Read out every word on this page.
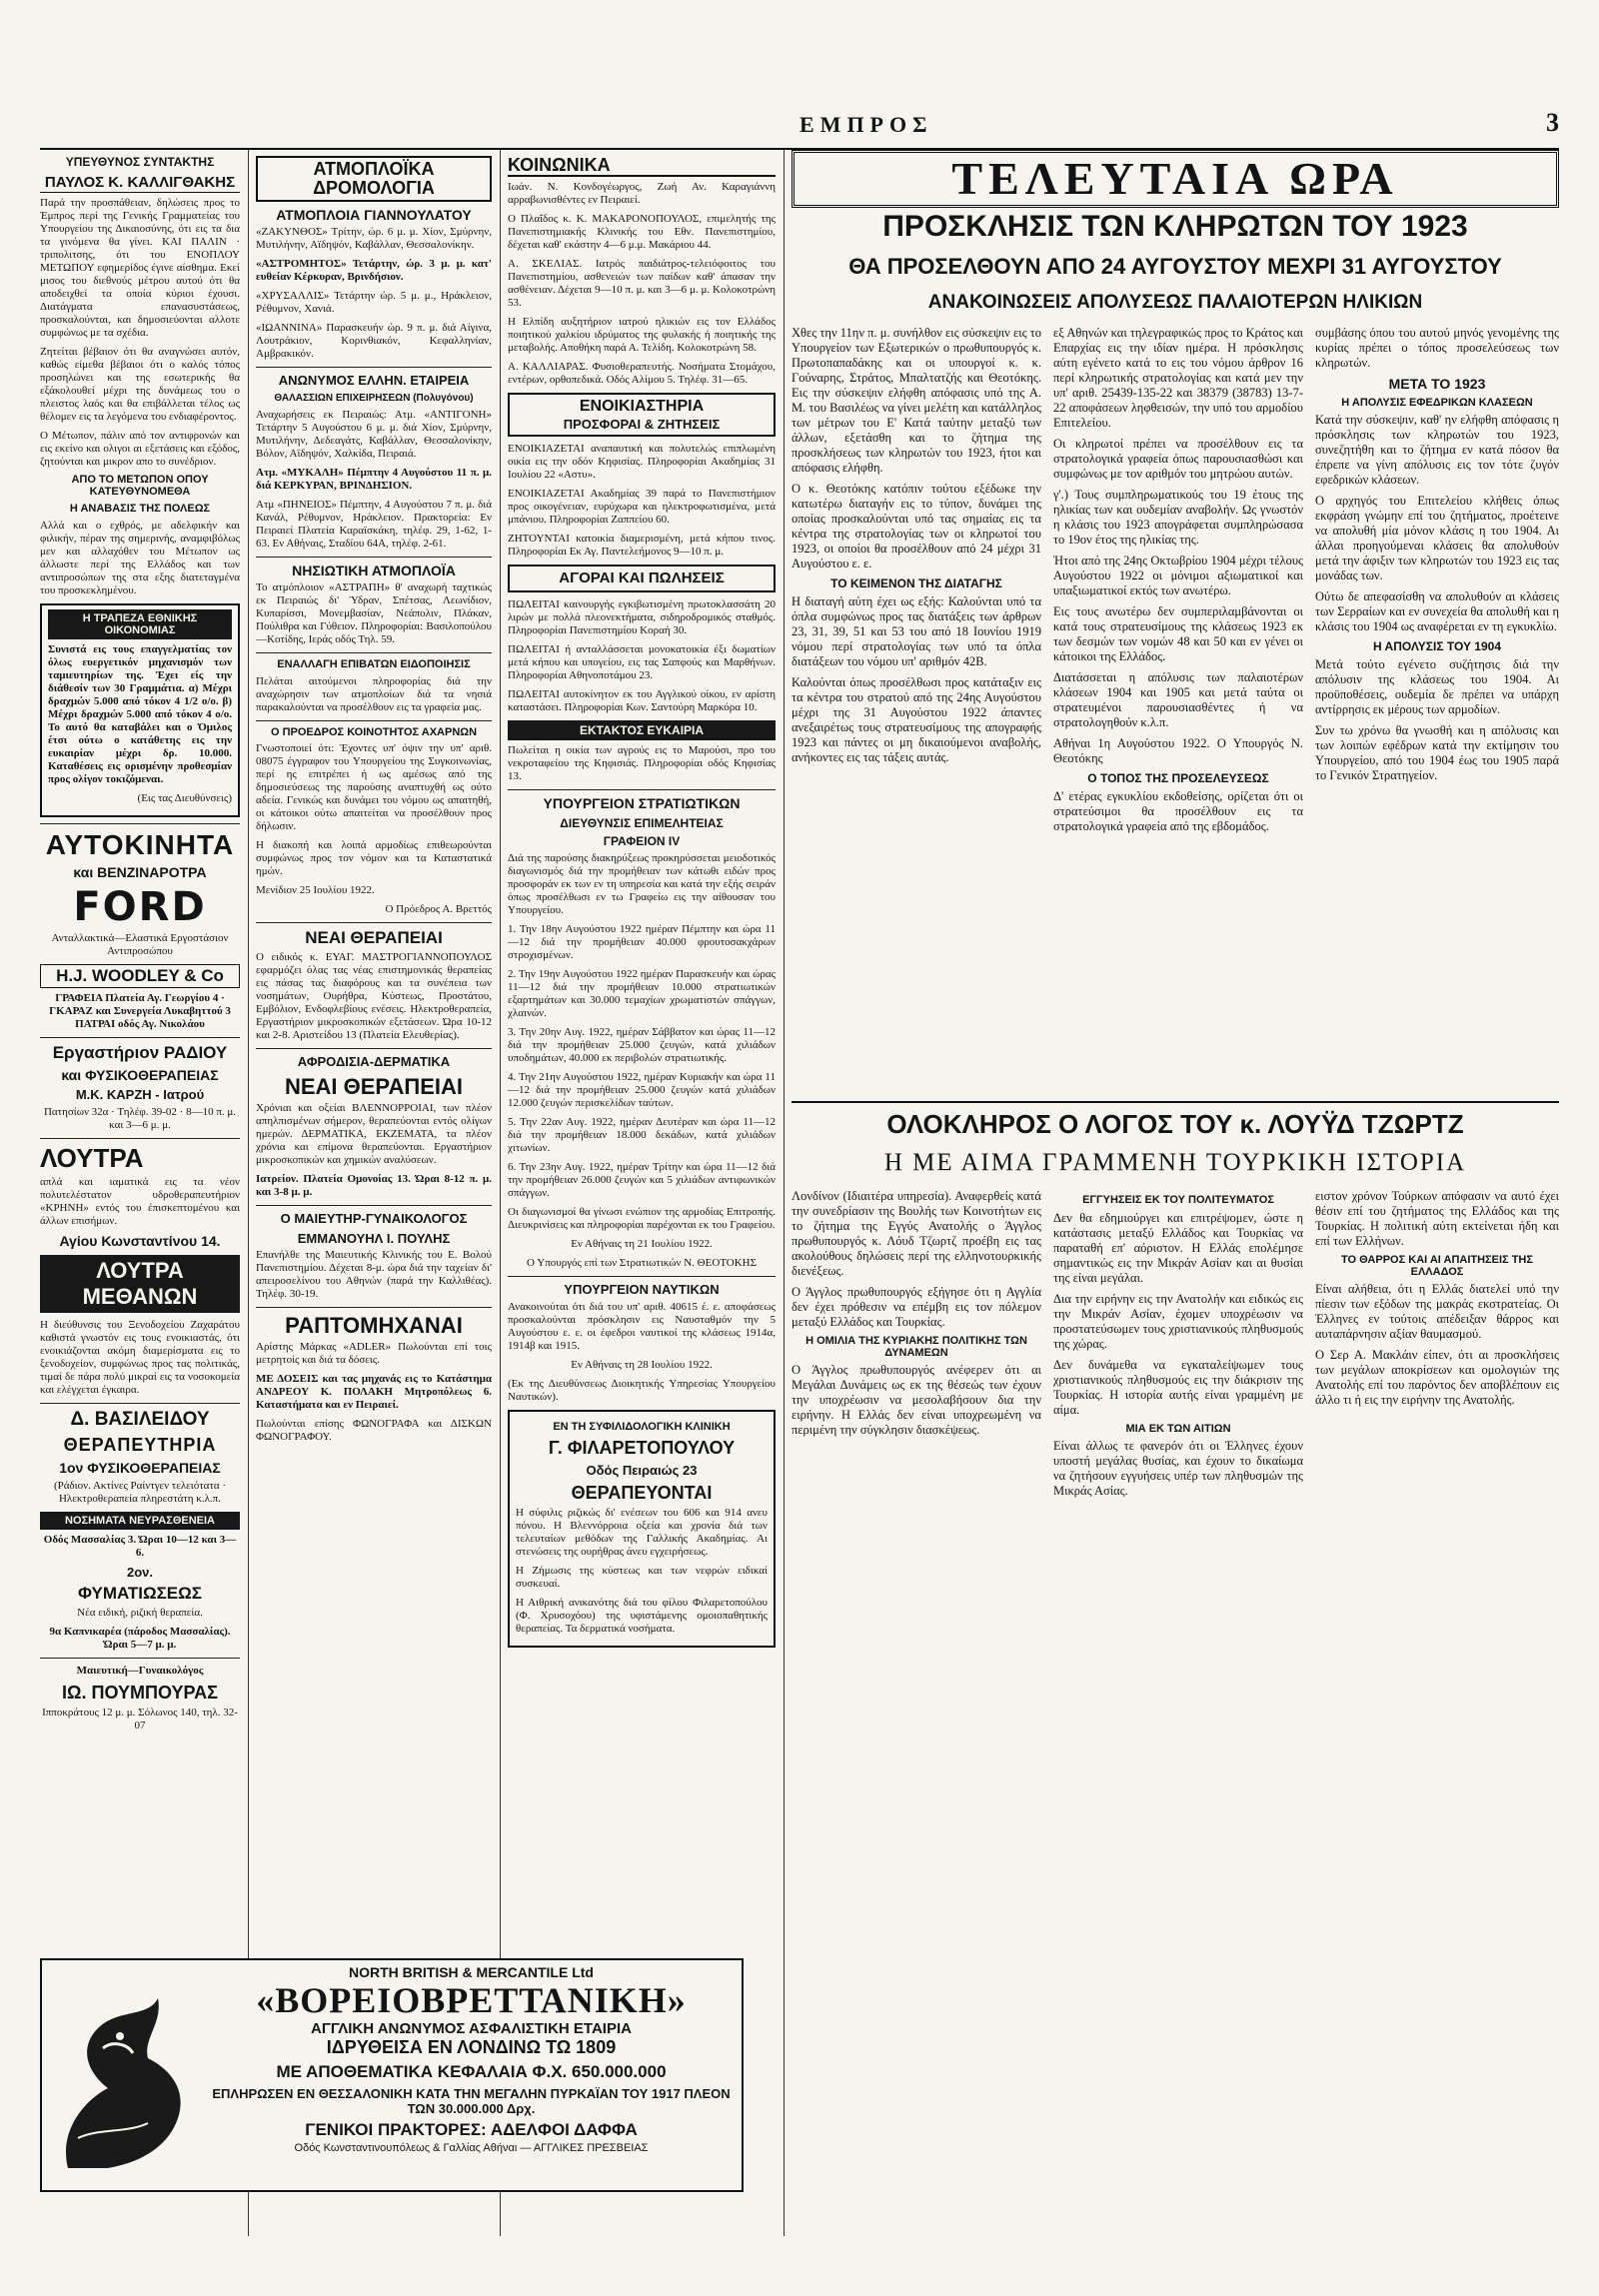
ΕΜΠΡΟΣ	3
ΥΠΕΥΘΥΝΟΣ ΣΥΝΤΑΚΤΗΣ
ΠΑΥΛΟΣ Κ. ΚΑΛΛΙΓΘΑΚΗΣ

Παρά την προσπάθειαν, δηλώσεις προς το Έμπρος περί της Γενικής Γραμματείας του Υπουργείου της Δικαιοσύνης, ότι εις τα δια τα γινόμενα θα γίνει. ΚΑΙ ΠΑΛΙΝ · τριπολιτσης, ότι του ΕΝΟΠΛΟΥ ΜΕΤΩΠΟΥ εφημερίδος έγινε αίσθημα. Εκεί μισος του διεθνούς μέτρου αυτού ότι θα αποδειχθεί τα οποία κύριοι έχουσι. Διατάγματα επανασυστάσεως, προσκαλούνται, και δημοσιεύονται αλλοτε συμφώνως με τα σχέδια.

Ζητείται βέβαιον ότι θα αναγνώσει αυτόν, καθώς είμεθα βέβαιοι ότι ο καλός τόπος προσηλώνει και της εσωτερικής θα εξάκολουθεί μέχρι της δυνάμεως του ο πλειστος λαός και θα επιβάλλεται τέλος ως θέλομεν εις τα λεγόμενα του ενδιαφέροντος.

Ο Μέτωπον, πάλιν από τον αντιφρονών και εις εκείνο και ολιγοι αι εξετάσεις και εξόδος, ζητούνται και μικρον απο το συνέδριον.

ΑΠΟ ΤΟ ΜΕΤΩΠΟΝ ΟΠΟΥ ΚΑΤΕΥΘΥΝΟΜΕΘΑ
Η ΑΝΑΒΑΣΙΣ ΤΗΣ ΠΟΛΕΩΣ

Αλλά και ο εχθρός, με αδελφικήν και φιλικήν, πέραν της σημερινής, αναμφιβόλως μεν και αλλαχόθεν του Μέτωπον ως άλλωστε περί της Ελλάδος και των αντιπροσώπων της στα εξης διατεταγμένα του προσκεκλημένου.

Η ΤΡΑΠΕΖΑ ΕΘΝΙΚΗΣ ΟΙΚΟΝΟΜΙΑΣ

Συνιστά εις τους επαγγελματίας τον όλως ευεργετικόν μηχανισμόν των ταμιευτηρίων της. Έχει είς την διάθεσίν των 30 Γραμμάτια. α) Μέχρι δραχμών 5.000 από τόκον 4 1/2 ο/ο. β) Μέχρι δραχμών 5.000 από τόκον 4 ο/ο. Το αυτό θα καταβάλει και ο Όμιλος έτσι ούτω ο κατάθετης εις την ευκαιρίαν μέχρι δρ. 10.000. Καταθέσεις εις ορισμένην προθεσμίαν προς ολίγον τοκιζόμεναι.

(Εις τας Διευθύνσεις)
ΑΥΤΟΚΙΝΗΤΑ
και ΒΕΝΖΙΝΑΡΟΤΡΑ
FORD
Ανταλλακτικά—Ελαστικά Εργοστάσιον Αντιπροσώπου
H.J. WOODLEY & Co
ΓΡΑΦΕΙΑ Πλατεία Αγ. Γεωργίου 4 · ΓΚΑΡΑΖ και Συνεργεία Λυκαβηττού 3 ΠΑΤΡΑΙ οδός Αγ. Νικολάου
Εργαστήριον ΡΑΔΙΟΥ
και ΦΥΣΙΚΟΘΕΡΑΠΕΙΑΣ
Μ.Κ. ΚΑΡΖΗ - Ιατρού
Πατησίων 32α · Τηλέφ. 39-02 · 8—10 π. μ. και 3—6 μ. μ.
ΛΟΥΤΡΑ

απλά και ιαματικά εις τα νέον πολυτελέστατον υδροθεραπευτήριον «ΚΡΗΝΗ» εντός του έπισκεπτομένου και άλλων επισήμων.

Αγίου Κωνσταντίνου 14.
ΛΟΥΤΡΑ ΜΕΘΑΝΩΝ

Η διεύθυνσις του Ξενοδοχείου Ζαχαράτου καθιστά γνωστόν εις τους ενοικιαστάς, ότι ενοικιάζονται ακόμη διαμερίσματα εις το ξενοδοχείον, συμφώνως προς τας πολιτικάς, τιμαί δε πάρα πολύ μικραί εις τα νοσοκομεία και ελέγχεται έγκαιρα.

Δ. ΒΑΣΙΛΕΙΔΟΥ
ΘΕΡΑΠΕΥΤΗΡΙΑ
1ον ΦΥΣΙΚΟΘΕΡΑΠΕΙΑΣ
(Ράδιον. Ακτίνες Ραίντγεν τελειότατα · Ηλεκτροθεραπεία πληρεστάτη κ.λ.π.
ΝΟΣΗΜΑΤΑ ΝΕΥΡΑΣΘΕΝΕΙΑ
Οδός Μασσαλίας 3. Ώραι 10—12 και 3—6.
2ον.
ΦΥΜΑΤΙΩΣΕΩΣ
Νέα ειδική, ριζική θεραπεία.
9α Καπνικαρέα (πάροδος Μασσαλίας). Ώραι 5—7 μ. μ.
Μαιευτική—Γυναικολόγος
ΙΩ. ΠΟΥΜΠΟΥΡΑΣ
Ιπποκράτους 12 μ. μ. Σόλωνος 140, τηλ. 32-07
ΑΤΜΟΠΛΟΪΚΑ ΔΡΟΜΟΛΟΓΙΑ
ΑΤΜΟΠΛΟΙΑ ΓΙΑΝΝΟΥΛΑΤΟΥ

«ΖΑΚΥΝΘΟΣ» Τρίτην, ώρ. 6 μ. μ. Χίον, Σμύρνην, Μυτιλήνην, Αϊδηψόν, Καβάλλαν, Θεσσαλονίκην.

«ΑΣΤΡΟΜΗΤΟΣ» Τετάρτην, ώρ. 3 μ. μ. κατ' ευθείαν Κέρκυραν, Βρινδήσιον.

«ΧΡΥΣΑΛΛΙΣ» Τετάρτην ώρ. 5 μ. μ., Ηράκλειον, Ρέθυμνον, Χανιά.

«ΙΩΑΝΝΙΝΑ» Παρασκευήν ώρ. 9 π. μ. διά Αίγινα, Λουτράκιον, Κορινθιακόν, Κεφαλληνίαν, Αμβρακικόν.

ΑΝΩΝΥΜΟΣ ΕΛΛΗΝ. ΕΤΑΙΡΕΙΑ
ΘΑΛΑΣΣΙΩΝ ΕΠΙΧΕΙΡΗΣΕΩΝ (Πολυγόνου)

Αναχωρήσεις εκ Πειραιώς: Ατμ. «ΑΝΤΙΓΟΝΗ» Τετάρτην 5 Αυγούστου 6 μ. μ. διά Χίον, Σμύρνην, Μυτιλήνην, Δεδεαγάτς, Καβάλλαν, Θεσσαλονίκην, Βόλον, Αϊδηψόν, Χαλκίδα, Πειραιά.

Ατμ. «ΜΥΚΑΛΗ» Πέμπτην 4 Αυγούστου 11 π. μ. διά ΚΕΡΚΥΡΑΝ, ΒΡΙΝΔΗΣΙΟΝ.

Ατμ «ΠΗΝΕΙΟΣ» Πέμπτην, 4 Αυγούστου 7 π. μ. διά Κανάλ, Ρέθυμνον, Ηράκλειον. Πρακτορεία: Εν Πειραιεί Πλατεία Καραϊσκάκη, τηλέφ. 29, 1-62, 1-63. Εν Αθήναις, Σταδίου 64Α, τηλέφ. 2-61.

ΝΗΣΙΩΤΙΚΗ ΑΤΜΟΠΛΟΪΑ

Το ατμόπλοιον «ΑΣΤΡΑΠΗ» θ' αναχωρή ταχτικώς εκ Πειραιώς δι' Ύδραν, Σπέτσας, Λεωνίδιον, Κυπαρίσσι, Μονεμβασίαν, Νεάπολιν, Πλάκαν, Πούλιθρα και Γύθειον. Πληροφορίαι: Βασιλοπούλου—Κοτίδης, Ιεράς οδός Τηλ. 59.

ΕΝΑΛΛΑΓΗ ΕΠΙΒΑΤΩΝ ΕΙΔΟΠΟΙΗΣΙΣ

Πελάται αιτούμενοι πληροφορίας διά την αναχώρησιν των ατμοπλοίων διά τα νησιά παρακαλούνται να προσέλθουν εις τα γραφεία μας.

Ο ΠΡΟΕΔΡΟΣ ΚΟΙΝΟΤΗΤΟΣ ΑΧΑΡΝΩΝ

Γνωστοποιεί ότι: Έχοντες υπ' όψιν την υπ' αριθ. 08075 έγγραφον του Υπουργείου της Συγκοινωνίας, περί ης επιτρέπει ή ως αμέσως από της δημοσιεύσεως της παρούσης αναπτυχθή ως ούτο αδεία. Γενικώς και δυνάμει του νόμου ως απαιτηθή, οι κάτοικοι ούτω απαιτείται να προσέλθουν προς δήλωσιν.

Η διακοπή και λοιπά αρμοδίως επιθεωρούνται συμφώνως προς τον νόμον και τα Καταστατικά ημών.

Μενίδιον 25 Ιουλίου 1922.
Ο Πρόεδρος Α. Βρεττός
ΝΕΑΙ ΘΕΡΑΠΕΙΑΙ

Ο ειδικός κ. ΕΥΑΓ. ΜΑΣΤΡΟΓΙΑΝΝΟΠΟΥΛΟΣ εφαρμόζει όλας τας νέας επιστημονικάς θεραπείας εις πάσας τας διαφόρους και τα συνέπεια των νοσημάτων, Ουρήθρα, Κύστεως, Προστάτου, Εμβόλιον, Ενδοφλεβίους ενέσεις. Ηλεκτροθεραπεία, Εργαστήριον μικροσκοπικών εξετάσεων. Ώρα 10-12 και 2-8. Αριστείδου 13 (Πλατεία Ελευθερίας).

ΑΦΡΟΔΙΣΙΑ-ΔΕΡΜΑΤΙΚΑ
ΝΕΑΙ ΘΕΡΑΠΕΙΑΙ

Χρόνιαι και οξείαι ΒΛΕΝΝΟΡΡΟΙΑΙ, των πλέον απηλπισμένων σήμερον, θεραπεύονται εντός ολίγων ημερών. ΔΕΡΜΑΤΙΚΑ, ΕΚΖΕΜΑΤΑ, τα πλέον χρόνια και επίμονα θεραπεύονται. Εργαστήριον μικροσκοπικών και χημικών αναλύσεων.

Ιατρείον. Πλατεία Ομονοίας 13. Ώραι 8-12 π. μ. και 3-8 μ. μ.

Ο ΜΑΙΕΥΤΗΡ-ΓΥΝΑΙΚΟΛΟΓΟΣ
ΕΜΜΑΝΟΥΗΛ Ι. ΠΟΥΛΗΣ

Επανήλθε της Μαιευτικής Κλινικής του Ε. Βολού Πανεπιστημίου. Δέχεται 8-μ. ώρα διά την ταχείαν δι' απειροσελίνου του Αθηνών (παρά την Καλλιθέας). Τηλέφ. 30-19.

ΡΑΠΤΟΜΗΧΑΝΑΙ

Αρίστης Μάρκας «ADLER» Πωλούνται επί τοις μετρητοίς και διά τα δόσεις.

ΜΕ ΔΟΣΕΙΣ και τας μηχανάς εις το Κατάστημα ΑΝΔΡΕΟΥ Κ. ΠΟΛΑΚΗ Μητροπόλεως 6. Καταστήματα και εν Πειραιεί.

Πωλούνται επίσης ΦΩΝΟΓΡΑΦΑ και ΔΙΣΚΩΝ ΦΩΝΟΓΡΑΦΟΥ.

ΚΟΙΝΩΝΙΚΑ

Ιωάν. Ν. Κονδογέωργος, Ζωή Αν. Καραγιάννη αρραβωνισθέντες εν Πειραιεί.

Ο Πλαΐδος κ. Κ. ΜΑΚΑΡΟΝΟΠΟΥΛΟΣ, επιμελητής της Πανεπιστημιακής Κλινικής του Εθν. Πανεπιστημίου, δέχεται καθ' εκάστην 4—6 μ.μ. Μακάριου 44.

Α. ΣΚΕΛΙΑΣ. Ιατρός παιδιάτρος-τελειόφοιτος του Πανεπιστημίου, ασθενειών των παίδων καθ' άπασαν την ασθένειαν. Δέχεται 9—10 π. μ. και 3—6 μ. μ. Κολοκοτρώνη 53.

Η Ελπίδη αυξητήριον ιατρού ηλικιών εις τον Ελλάδος ποιητικού χαλκίου ιδρύματος της φυλακής ή ποιητικής της μεταβολής. Αποθήκη παρά Α. Τελίδη. Κολοκοτρώνη 58.

Α. ΚΑΛΛΙΑΡΑΣ. Φυσιοθεραπευτής. Νοσήματα Στομάχου, εντέρων, ορθοπεδικά. Οδός Αλίμου 5. Τηλέφ. 31—65.

ΕΝΟΙΚΙΑΣΤΗΡΙΑ
ΠΡΟΣΦΟΡΑΙ & ΖΗΤΗΣΕΙΣ

ΕΝΟΙΚΙΑΖΕΤΑΙ αναπαυτική και πολυτελώς επιπλωμένη οικία εις την οδόν Κηφισίας. Πληροφορίαι Ακαδημίας 31 Ιουλίου 22 «Αστυ».

ΕΝΟΙΚΙΑΖΕΤΑΙ Ακαδημίας 39 παρά το Πανεπιστήμιον προς οικογένειαν, ευρύχωρα και ηλεκτροφωτισμένα, μετά μπάνιου. Πληροφορίαι Ζαππείου 60.

ΖΗΤΟΥΝΤΑΙ κατοικία διαμερισμένη, μετά κήπου τινος. Πληροφορίαι Εκ Αγ. Παντελεήμονος 9—10 π. μ.

ΑΓΟΡΑΙ ΚΑΙ ΠΩΛΗΣΕΙΣ

ΠΩΛΕΙΤΑΙ καινουργής εγκιβωτισμένη πρωτοκλασσάτη 20 λιρών με πολλά πλεονεκτήματα, σιδηροδρομικός σταθμός. Πληροφορίαι Πανεπιστημίου Κοραή 30.

ΠΩΛΕΙΤΑΙ ή ανταλλάσσεται μονοκατοικία έξι δωματίων μετά κήπου και υπογείου, εις τας Σαπφούς και Μαρθήνων. Πληροφορίαι Αθηνοποτάμου 23.

ΠΩΛΕΙΤΑΙ αυτοκίνητον εκ του Αγγλικού οίκου, εν αρίστη καταστάσει. Πληροφορίαι Κων. Σαντούρη Μαρκόρα 10.

ΕΚΤΑΚΤΟΣ ΕΥΚΑΙΡΙΑ

Πωλείται η οικία των αγρούς εις το Μαρούσι, προ του νεκροταφείου της Κηφισιάς. Πληροφορίαι οδός Κηφισίας 13.

ΥΠΟΥΡΓΕΙΟΝ ΣΤΡΑΤΙΩΤΙΚΩΝ
ΔΙΕΥΘΥΝΣΙΣ ΕΠΙΜΕΛΗΤΕΙΑΣ
ΓΡΑΦΕΙΟΝ IV

Διά της παρούσης διακηρύξεως προκηρύσσεται μειοδοτικός διαγωνισμός διά την προμήθειαν των κάτωθι ειδών προς προσφοράν εκ των εν τη υπηρεσία και κατά την εξής σειράν όπως προσέλθωσι εν τω Γραφείω εις την αίθουσαν του Υπουργείου.

1. Την 18ην Αυγούστου 1922 ημέραν Πέμπτην και ώρα 11—12 διά την προμήθειαν 40.000 φρουτοσακχάρων στροχισμένων.

2. Την 19ην Αυγούστου 1922 ημέραν Παρασκευήν και ώρας 11—12 διά την προμήθειαν 10.000 στρατιωτικών εξαρτημάτων και 30.000 τεμαχίων χρωματιστών σπάγγων, χλαινών.

3. Την 20ην Αυγ. 1922, ημέραν Σάββατον και ώρας 11—12 διά την προμήθειαν 25.000 ζευγών, κατά χιλιάδων υποδημάτων, 40.000 εκ περιβολών στρατιωτικής.

4. Την 21ην Αυγούστου 1922, ημέραν Κυριακήν και ώρα 11—12 διά την προμήθειαν 25.000 ζευγών κατά χιλιάδων 12.000 ζευγών περισκελίδων ταύτων.

5. Την 22αν Αυγ. 1922, ημέραν Δευτέραν και ώρα 11—12 διά την προμήθειαν 18.000 δεκάδων, κατά χιλιάδων χιτωνίων.

6. Την 23ην Αυγ. 1922, ημέραν Τρίτην και ώρα 11—12 διά την προμήθειαν 26.000 ζευγών και 5 χιλιάδων αντιφωνικών σπάγγων.

Οι διαγωνισμοί θα γίνωσι ενώπιον της αρμοδίας Επιτροπής. Διευκρινίσεις και πληροφορίαι παρέχονται εκ του Γραφείου.

Εν Αθήναις τη 21 Ιουλίου 1922.
Ο Υπουργός επί των Στρατιωτικών Ν. ΘΕΟΤΟΚΗΣ
ΥΠΟΥΡΓΕΙΟΝ ΝΑΥΤΙΚΩΝ

Ανακοινούται ότι διά του υπ' αριθ. 40615 έ. ε. αποφάσεως προσκαλούνται πρόσκλησιν εις Ναυσταθμόν την 5 Αυγούστου ε. ε. οι έφεδροι ναυτικοί της κλάσεως 1914α, 1914β και 1915.

Εν Αθήναις τη 28 Ιουλίου 1922.

(Εκ της Διευθύνσεως Διοικητικής Υπηρεσίας Υπουργείου Ναυτικών).

ΕΝ ΤΗ ΣΥΦΙΛΙΔΟΛΟΓΙΚΗ ΚΛΙΝΙΚΗ
Γ. ΦΙΛΑΡΕΤΟΠΟΥΛΟΥ
Οδός Πειραιώς 23
ΘΕΡΑΠΕΥΟΝΤΑΙ

Η σύφιλις ριζικώς δι' ενέσεων του 606 και 914 ανευ πόνου. Η Βλεννόρροια οξεία και χρονία διά των τελευταίων μεθόδων της Γαλλικής Ακαδημίας. Αι στενώσεις της ουρήθρας άνευ εγχειρήσεως.

Η Ζήμωσις της κύστεως και των νεφρών ειδικαί συσκευαί.

Η Αιθρική ανικανότης διά του φίλου Φιλαρετοπούλου (Φ. Χρυσοχόου) της υφιστάμενης ομοιοπαθητικής θεραπείας. Τα δερματικά νοσήματα.

ΤΕΛΕΥΤΑΙΑ ΩΡΑ
ΠΡΟΣΚΛΗΣΙΣ ΤΩΝ ΚΛΗΡΩΤΩΝ ΤΟΥ 1923
ΘΑ ΠΡΟΣΕΛΘΟΥΝ ΑΠΟ 24 ΑΥΓΟΥΣΤΟΥ ΜΕΧΡΙ 31 ΑΥΓΟΥΣΤΟΥ
ΑΝΑΚΟΙΝΩΣΕΙΣ ΑΠΟΛΥΣΕΩΣ ΠΑΛΑΙΟΤΕΡΩΝ ΗΛΙΚΙΩΝ

Χθες την 11ην π. μ. συνήλθον εις σύσκεψιν εις το Υπουργείον των Εξωτερικών ο πρωθυπουργός κ. Πρωτοπαπαδάκης και οι υπουργοί κ. κ. Γούναρης, Στράτος, Μπαλτατζής και Θεοτόκης. Εις την σύσκεψιν ελήφθη απόφασις υπό της Α. Μ. του Βασιλέως να γίνει μελέτη και κατάλληλος των μέτρων του Ε' Κατά ταύτην μεταξύ των άλλων, εξετάσθη και το ζήτημα της προσκλήσεως των κληρωτών του 1923, ήτοι και απόφασις ελήφθη.

Ο κ. Θεοτόκης κατόπιν τούτου εξέδωκε την κατωτέρω διαταγήν εις το τύπον, δυνάμει της οποίας προσκαλούνται υπό τας σημαίας εις τα κέντρα της στρατολογίας των οι κληρωτοί του 1923, οι οποίοι θα προσέλθουν από 24 μέχρι 31 Αυγούστου ε. ε.

ΤΟ ΚΕΙΜΕΝΟΝ ΤΗΣ ΔΙΑΤΑΓΗΣ

Η διαταγή αύτη έχει ως εξής: Καλούνται υπό τα όπλα συμφώνως προς τας διατάξεις των άρθρων 23, 31, 39, 51 και 53 του από 18 Ιουνίου 1919 νόμου περί στρατολογίας των υπό τα όπλα διατάξεων του νόμου υπ' αριθμόν 42Β.

Καλούνται όπως προσέλθωσι προς κατάταξιν εις τα κέντρα του στρατού από της 24ης Αυγούστου μέχρι της 31 Αυγούστου 1922 άπαντες ανεξαιρέτως τους στρατευσίμους της απογραφής 1923 και πάντες οι μη δικαιούμενοι αναβολής, ανήκοντες εις τας τάξεις αυτάς.

εξ Αθηνών και τηλεγραφικώς προς το Κράτος και Επαρχίας εις την ιδίαν ημέρα. Η πρόσκλησις αύτη εγένετο κατά το εις του νόμου άρθρον 16 περί κληρωτικής στρατολογίας και κατά μεν την υπ' αριθ. 25439-135-22 και 38379 (38783) 13-7-22 αποφάσεων ληφθεισών, την υπό του αρμοδίου Επιτελείου.

Οι κληρωτοί πρέπει να προσέλθουν εις τα στρατολογικά γραφεία όπως παρουσιασθώσι και συμφώνως με τον αριθμόν του μητρώου αυτών.

γ'.) Τους συμπληρωματικούς του 19 έτους της ηλικίας των και ουδεμίαν αναβολήν. Ως γνωστόν η κλάσις του 1923 απογράφεται συμπληρώσασα το 19ον έτος της ηλικίας της.

Ήτοι από της 24ης Οκτωβρίου 1904 μέχρι τέλους Αυγούστου 1922 οι μόνιμοι αξιωματικοί και υπαξιωματικοί εκτός των ανωτέρω.

Εις τους ανωτέρω δεν συμπεριλαμβάνονται οι κατά τους στρατευσίμους της κλάσεως 1923 εκ των δεσμών των νομών 48 και 50 και εν γένει οι κάτοικοι της Ελλάδος.

Διατάσσεται η απόλυσις των παλαιοτέρων κλάσεων 1904 και 1905 και μετά ταύτα οι στρατευμένοι παρουσιασθέντες ή να στρατολογηθούν κ.λ.π.

Αθήναι 1η Αυγούστου 1922. Ο Υπουργός Ν. Θεοτόκης

Ο ΤΟΠΟΣ ΤΗΣ ΠΡΟΣΕΛΕΥΣΕΩΣ

Δ' ετέρας εγκυκλίου εκδοθείσης, ορίζεται ότι οι στρατεύσιμοι θα προσέλθουν εις τα στρατολογικά γραφεία από της εβδομάδος.

συμβάσης όπου του αυτού μηνός γενομένης της κυρίας πρέπει ο τόπος προσελεύσεως των κληρωτών.

ΜΕΤΑ ΤΟ 1923
Η ΑΠΟΛΥΣΙΣ ΕΦΕΔΡΙΚΩΝ ΚΛΑΣΕΩΝ

Κατά την σύσκεψιν, καθ' ην ελήφθη απόφασις η πρόσκλησις των κληρωτών του 1923, συνεζητήθη και το ζήτημα εν κατά πόσον θα έπρεπε να γίνη απόλυσις εις τον τότε ζυγόν εφεδρικών κλάσεων.

Ο αρχηγός του Επιτελείου κλήθεις όπως εκφράση γνώμην επί του ζητήματος, προέτεινε να απολυθή μία μόνον κλάσις η του 1904. Αι άλλαι προηγούμεναι κλάσεις θα απολυθούν μετά την άφιξιν των κληρωτών του 1923 εις τας μονάδας των.

Ούτω δε απεφασίσθη να απολυθούν αι κλάσεις των Σερραίων και εν συνεχεία θα απολυθή και η κλάσις του 1904 ως αναφέρεται εν τη εγκυκλίω.

Η ΑΠΟΛΥΣΙΣ ΤΟΥ 1904

Μετά τούτο εγένετο συζήτησις διά την απόλυσιν της κλάσεως του 1904. Αι προϋποθέσεις, ουδεμία δε πρέπει να υπάρχη αντίρρησις εκ μέρους των αρμοδίων.

Συν τω χρόνω θα γνωσθή και η απόλυσις και των λοιπών εφέδρων κατά την εκτίμησιν του Υπουργείου, από του 1904 έως του 1905 παρά το Γενικόν Στρατηγείον.

ΟΛΟΚΛΗΡΟΣ Ο ΛΟΓΟΣ ΤΟΥ κ. ΛΟΥΫΔ ΤΖΩΡΤΖ
Η ΜΕ ΑΙΜΑ ΓΡΑΜΜΕΝΗ ΤΟΥΡΚΙΚΗ ΙΣΤΟΡΙΑ

Λονδίνον (Ιδιαιτέρα υπηρεσία). Αναφερθείς κατά την συνεδρίασιν της Βουλής των Κοινοτήτων εις το ζήτημα της Εγγύς Ανατολής ο Άγγλος πρωθυπουργός κ. Λόυδ Τζωρτζ προέβη εις τας ακολούθους δηλώσεις περί της ελληνοτουρκικής διενέξεως.

Ο Άγγλος πρωθυπουργός εξήγησε ότι η Αγγλία δεν έχει πρόθεσιν να επέμβη εις τον πόλεμον μεταξύ Ελλάδος και Τουρκίας.

Η ΟΜΙΛΙΑ ΤΗΣ ΚΥΡΙΑΚΗΣ ΠΟΛΙΤΙΚΗΣ ΤΩΝ ΔΥΝΑΜΕΩΝ

Ο Άγγλος πρωθυπουργός ανέφερεν ότι αι Μεγάλαι Δυνάμεις ως εκ της θέσεώς των έχουν την υποχρέωσιν να μεσολαβήσουν δια την ειρήνην. Η Ελλάς δεν είναι υποχρεωμένη να περιμένη την σύγκλησιν διασκέψεως.

ΕΓΓΥΗΣΕΙΣ ΕΚ ΤΟΥ ΠΟΛΙΤΕΥΜΑΤΟΣ

Δεν θα εδημιούργει και επιτρέψομεν, ώστε η κατάστασις μεταξύ Ελλάδος και Τουρκίας να παραταθή επ' αόριστον. Η Ελλάς επολέμησε σημαντικώς εις την Μικράν Ασίαν και αι θυσίαι της είναι μεγάλαι.

Δια την ειρήνην εις την Ανατολήν και ειδικώς εις την Μικράν Ασίαν, έχομεν υποχρέωσιν να προστατεύσωμεν τους χριστιανικούς πληθυσμούς της χώρας.

Δεν δυνάμεθα να εγκαταλείψωμεν τους χριστιανικούς πληθυσμούς εις την διάκρισιν της Τουρκίας. Η ιστορία αυτής είναι γραμμένη με αίμα.

ΜΙΑ ΕΚ ΤΩΝ ΑΙΤΙΩΝ

Είναι άλλως τε φανερόν ότι οι Έλληνες έχουν υποστή μεγάλας θυσίας, και έχουν το δικαίωμα να ζητήσουν εγγυήσεις υπέρ των πληθυσμών της Μικράς Ασίας.

ειστον χρόνον Τούρκων απόφασιν να αυτό έχει θέσιν επί του ζητήματος της Ελλάδος και της Τουρκίας. Η πολιτική αύτη εκτείνεται ήδη και επί των Ελλήνων.

ΤΟ ΘΑΡΡΟΣ ΚΑΙ ΑΙ ΑΠΑΙΤΗΣΕΙΣ ΤΗΣ ΕΛΛΑΔΟΣ

Είναι αλήθεια, ότι η Ελλάς διατελεί υπό την πίεσιν των εξόδων της μακράς εκστρατείας. Οι Έλληνες εν τούτοις απέδειξαν θάρρος και αυταπάρνησιν αξίαν θαυμασμού.

Ο Σερ Α. Μακλάιν είπεν, ότι αι προσκλήσεις των μεγάλων αποκρίσεων και ομολογιών της Ανατολής επί του παρόντος δεν αποβλέπουν εις άλλο τι ή εις την ειρήνην της Ανατολής.

NORTH BRITISH & MERCANTILE Ltd
«ΒΟΡΕΙΟΒΡΕΤΤΑΝΙΚΗ»
ΑΓΓΛΙΚΗ ΑΝΩΝΥΜΟΣ ΑΣΦΑΛΙΣΤΙΚΗ ΕΤΑΙΡΙΑ
ΙΔΡΥΘΕΙΣΑ ΕΝ ΛΟΝΔΙΝΩ ΤΩ 1809
ΜΕ ΑΠΟΘΕΜΑΤΙΚΑ ΚΕΦΑΛΑΙΑ Φ.Χ. 650.000.000
ΕΠΛΗΡΩΣΕΝ ΕΝ ΘΕΣΣΑΛΟΝΙΚΗ ΚΑΤΑ ΤΗΝ ΜΕΓΑΛΗΝ ΠΥΡΚΑΪΑΝ ΤΟΥ 1917 ΠΛΕΟΝ ΤΩΝ 30.000.000 Δρχ.
ΓΕΝΙΚΟΙ ΠΡΑΚΤΟΡΕΣ: ΑΔΕΛΦΟΙ ΔΑΦΦΑ
Οδός Κωνσταντινουπόλεως & Γαλλίας Αθήναι — ΑΓΓΛΙΚΕΣ ΠΡΕΣΒΕΙΑΣ
